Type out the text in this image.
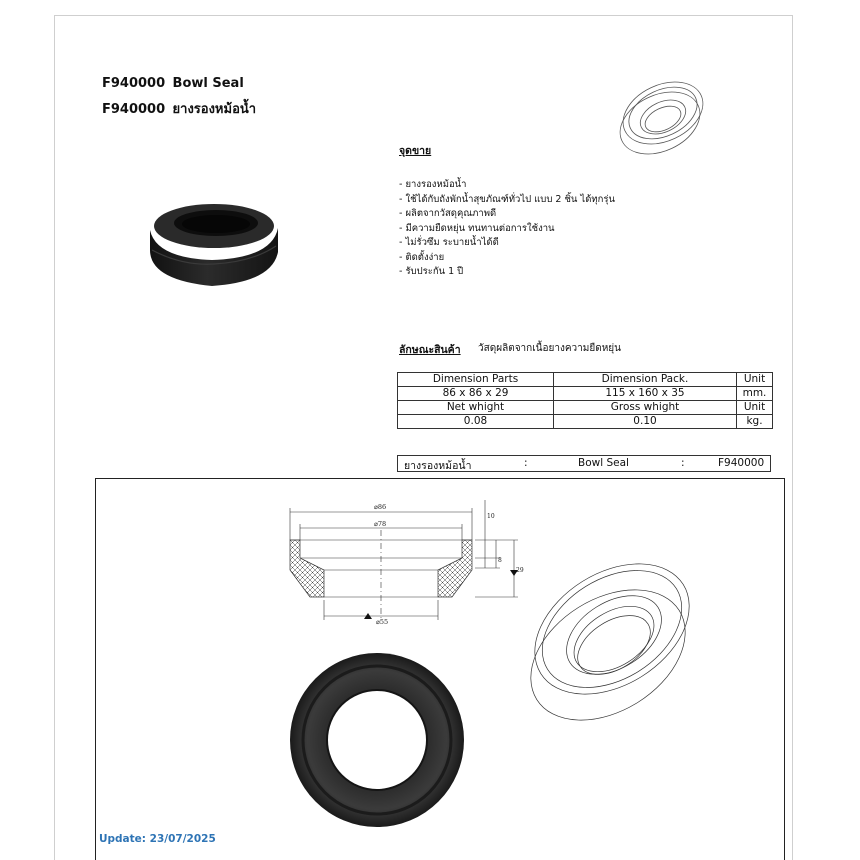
F940000 Bowl Seal
F940000 ยางรองหม้อน้ำ
จุดขาย
- ยางรองหม้อน้ำ
- ใช้ได้กับถังพักน้ำสุขภัณฑ์ทั่วไป แบบ 2 ชิ้น ได้ทุกรุ่น
- ผลิตจากวัสดุคุณภาพดี
- มีความยืดหยุ่น ทนทานต่อการใช้งาน
- ไม่รั่วซึม ระบายน้ำได้ดี
- ติดตั้งง่าย
- รับประกัน 1 ปี
ลักษณะสินค้า วัสดุผลิตจากเนื้อยางความยืดหยุ่น
Dimension Parts	Dimension Pack.	Unit
86 x 86 x 29	115 x 160 x 35	mm.
Net whight	Gross whight	Unit
0.08	0.10	kg.
ยางรองหม้อน้ำ	:	Bowl Seal	:	F940000
⌀86
⌀78
⌀55
10
8
29
Update: 23/07/2025
